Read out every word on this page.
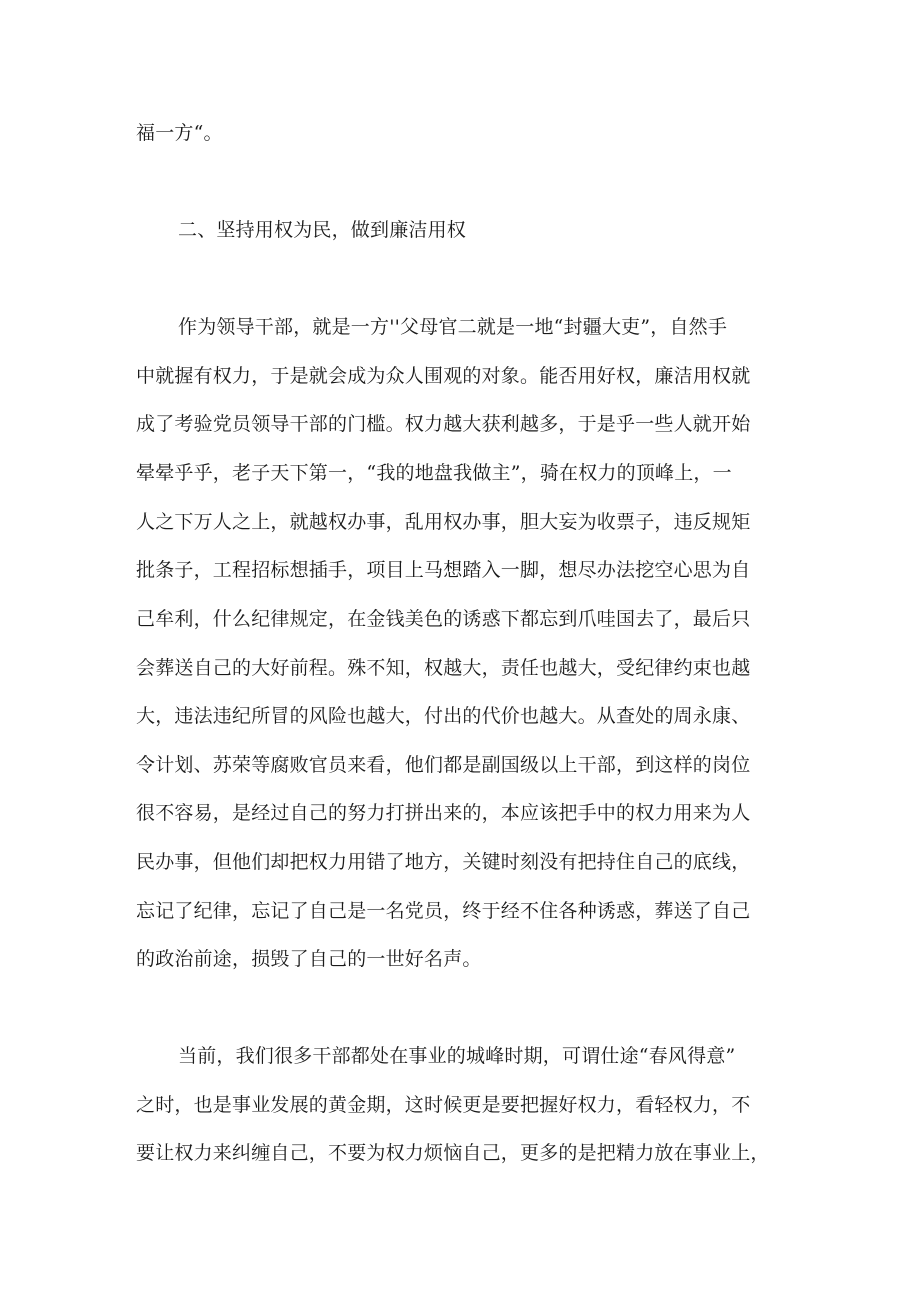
福一方“。
二、坚持用权为民，做到廉洁用权
作为领导干部，就是一方''父母官二就是一地“封疆大吏”，自然手
中就握有权力，于是就会成为众人围观的对象。能否用好权，廉洁用权就
成了考验党员领导干部的门槛。权力越大获利越多，于是乎一些人就开始
晕晕乎乎，老子天下第一，“我的地盘我做主”，骑在权力的顶峰上，一
人之下万人之上，就越权办事，乱用权办事，胆大妄为收票子，违反规矩
批条子，工程招标想插手，项目上马想踏入一脚，想尽办法挖空心思为自
己牟利，什么纪律规定，在金钱美色的诱惑下都忘到爪哇国去了，最后只
会葬送自己的大好前程。殊不知，权越大，责任也越大，受纪律约束也越
大，违法违纪所冒的风险也越大，付出的代价也越大。从查处的周永康、
令计划、苏荣等腐败官员来看，他们都是副国级以上干部，到这样的岗位
很不容易，是经过自己的努力打拼出来的，本应该把手中的权力用来为人
民办事，但他们却把权力用错了地方，关键时刻没有把持住自己的底线，
忘记了纪律，忘记了自己是一名党员，终于经不住各种诱惑，葬送了自己
的政治前途，损毁了自己的一世好名声。
当前，我们很多干部都处在事业的城峰时期，可谓仕途“春风得意”
之时，也是事业发展的黄金期，这时候更是要把握好权力，看轻权力，不
要让权力来纠缠自己，不要为权力烦恼自己，更多的是把精力放在事业上，
